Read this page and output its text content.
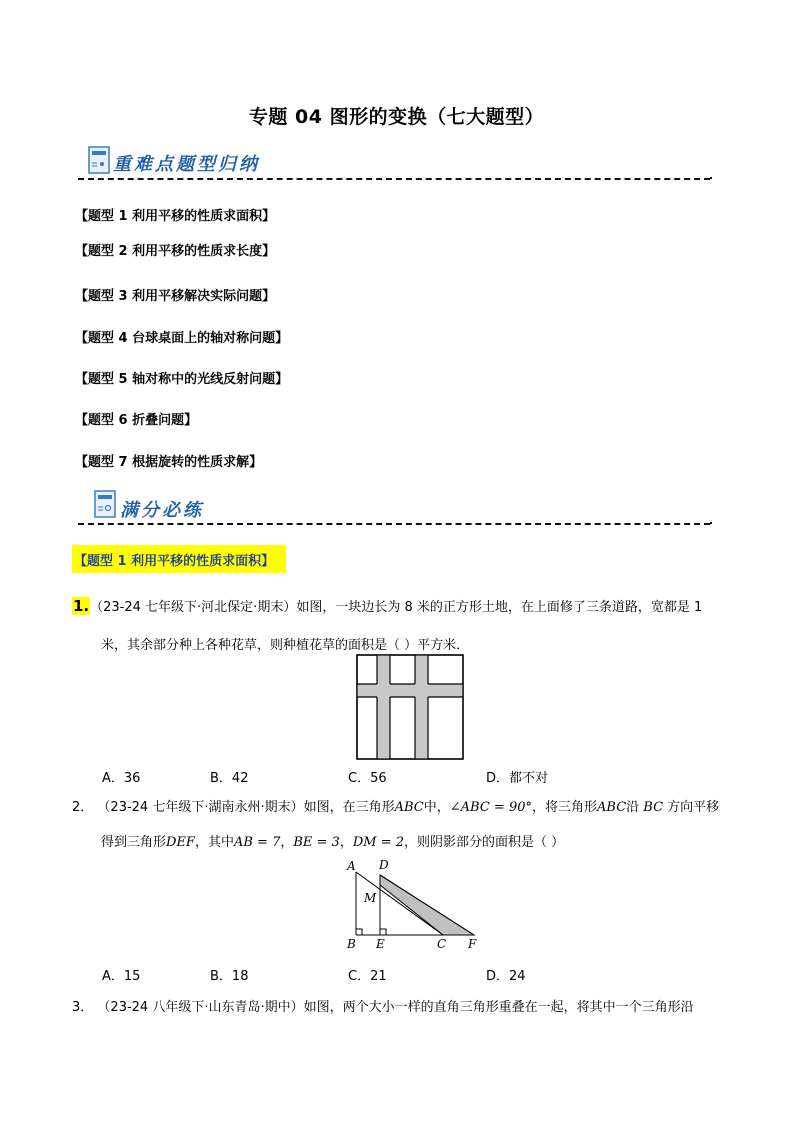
专题 04 图形的变换（七大题型）
重难点题型归纳
【题型 1 利用平移的性质求面积】
【题型 2 利用平移的性质求长度】
【题型 3 利用平移解决实际问题】
【题型 4 台球桌面上的轴对称问题】
【题型 5 轴对称中的光线反射问题】
【题型 6 折叠问题】
【题型 7 根据旋转的性质求解】
满分必练
【题型 1 利用平移的性质求面积】
1.（23-24 七年级下·河北保定·期末）如图，一块边长为 8 米的正方形土地，在上面修了三条道路，宽都是 1
米，其余部分种上各种花草，则种植花草的面积是（ ）平方米．
A．36	B．42	C．56	D．都不对
2． （23-24 七年级下·湖南永州·期末）如图，在三角形ABC中，∠ABC = 90°，将三角形ABC沿 BC 方向平移
得到三角形DEF，其中AB = 7，BE = 3，DM = 2，则阴影部分的面积是（ ）
A D
M
B E	C F
A．15	B．18	C．21	D．24
3． （23-24 八年级下·山东青岛·期中）如图，两个大小一样的直角三角形重叠在一起，将其中一个三角形沿
